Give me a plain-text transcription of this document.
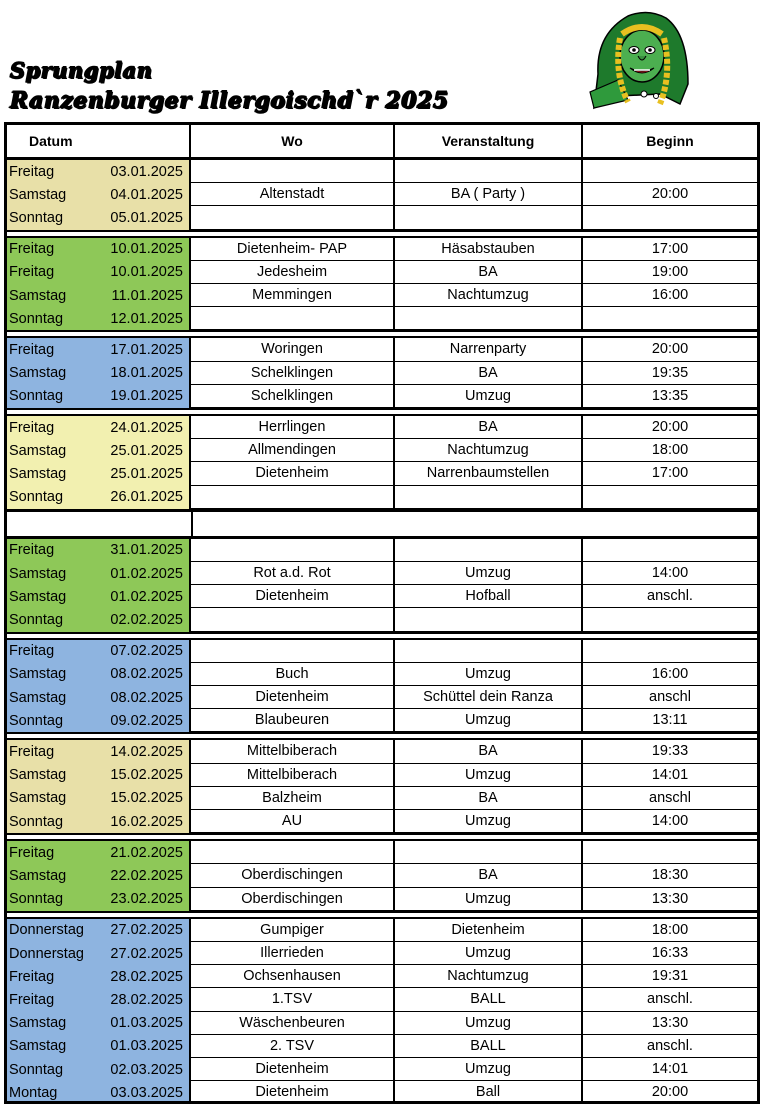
Sprungplan
Ranzenburger Illergoischd`r 2025
Datum	Wo	Veranstaltung	Beginn
Freitag	03.01.2025
Samstag	04.01.2025	Altenstadt	BA ( Party )	20:00
Sonntag	05.01.2025
Freitag	10.01.2025	Dietenheim- PAP	Häsabstauben	17:00
Freitag	10.01.2025	Jedesheim	BA	19:00
Samstag	11.01.2025	Memmingen	Nachtumzug	16:00
Sonntag	12.01.2025
Freitag	17.01.2025	Woringen	Narrenparty	20:00
Samstag	18.01.2025	Schelklingen	BA	19:35
Sonntag	19.01.2025	Schelklingen	Umzug	13:35
Freitag	24.01.2025	Herrlingen	BA	20:00
Samstag	25.01.2025	Allmendingen	Nachtumzug	18:00
Samstag	25.01.2025	Dietenheim	Narrenbaumstellen	17:00
Sonntag	26.01.2025
Freitag	31.01.2025
Samstag	01.02.2025	Rot a.d. Rot	Umzug	14:00
Samstag	01.02.2025	Dietenheim	Hofball	anschl.
Sonntag	02.02.2025
Freitag	07.02.2025
Samstag	08.02.2025	Buch	Umzug	16:00
Samstag	08.02.2025	Dietenheim	Schüttel dein Ranza	anschl
Sonntag	09.02.2025	Blaubeuren	Umzug	13:11
Freitag	14.02.2025	Mittelbiberach	BA	19:33
Samstag	15.02.2025	Mittelbiberach	Umzug	14:01
Samstag	15.02.2025	Balzheim	BA	anschl
Sonntag	16.02.2025	AU	Umzug	14:00
Freitag	21.02.2025
Samstag	22.02.2025	Oberdischingen	BA	18:30
Sonntag	23.02.2025	Oberdischingen	Umzug	13:30
Donnerstag 27.02.2025	Gumpiger	Dietenheim	18:00
Donnerstag 27.02.2025	Illerrieden	Umzug	16:33
Freitag	28.02.2025	Ochsenhausen	Nachtumzug	19:31
Freitag	28.02.2025	1.TSV	BALL	anschl.
Samstag	01.03.2025	Wäschenbeuren	Umzug	13:30
Samstag	01.03.2025	2. TSV	BALL	anschl.
Sonntag	02.03.2025	Dietenheim	Umzug	14:01
Montag	03.03.2025	Dietenheim	Ball	20:00
